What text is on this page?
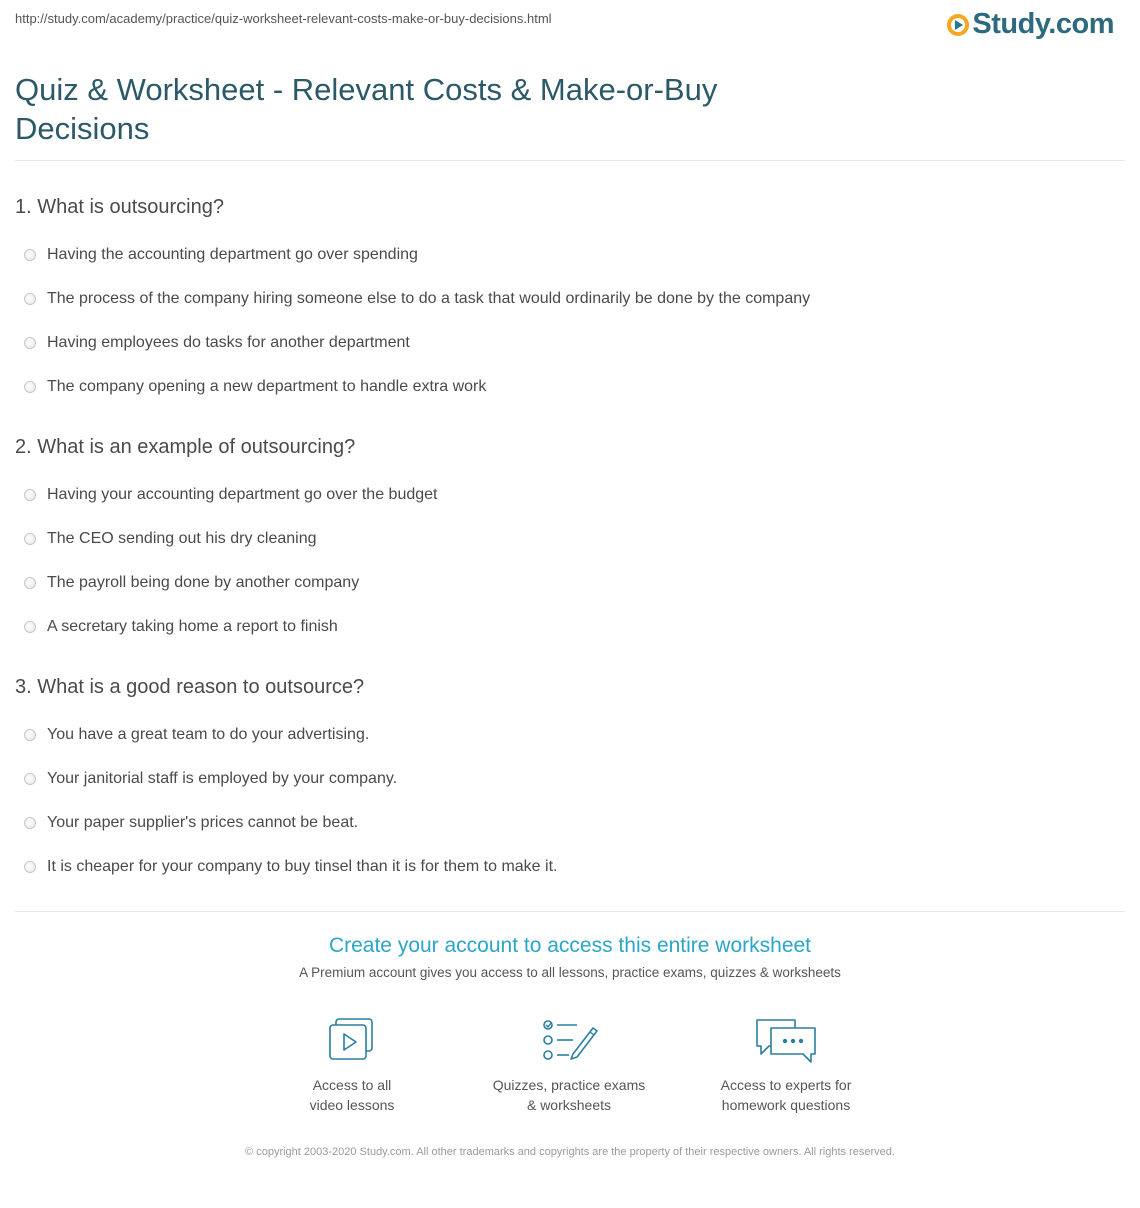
http://study.com/academy/practice/quiz-worksheet-relevant-costs-make-or-buy-decisions.html	Study.com
Quiz & Worksheet - Relevant Costs & Make-or-Buy Decisions
1. What is outsourcing?
Having the accounting department go over spending
The process of the company hiring someone else to do a task that would ordinarily be done by the company
Having employees do tasks for another department
The company opening a new department to handle extra work
2. What is an example of outsourcing?
Having your accounting department go over the budget
The CEO sending out his dry cleaning
The payroll being done by another company
A secretary taking home a report to finish
3. What is a good reason to outsource?
You have a great team to do your advertising.
Your janitorial staff is employed by your company.
Your paper supplier's prices cannot be beat.
It is cheaper for your company to buy tinsel than it is for them to make it.
Create your account to access this entire worksheet
A Premium account gives you access to all lessons, practice exams, quizzes & worksheets
Access to all
video lessons
Quizzes, practice exams
& worksheets
Access to experts for
homework questions
© copyright 2003-2020 Study.com. All other trademarks and copyrights are the property of their respective owners. All rights reserved.
